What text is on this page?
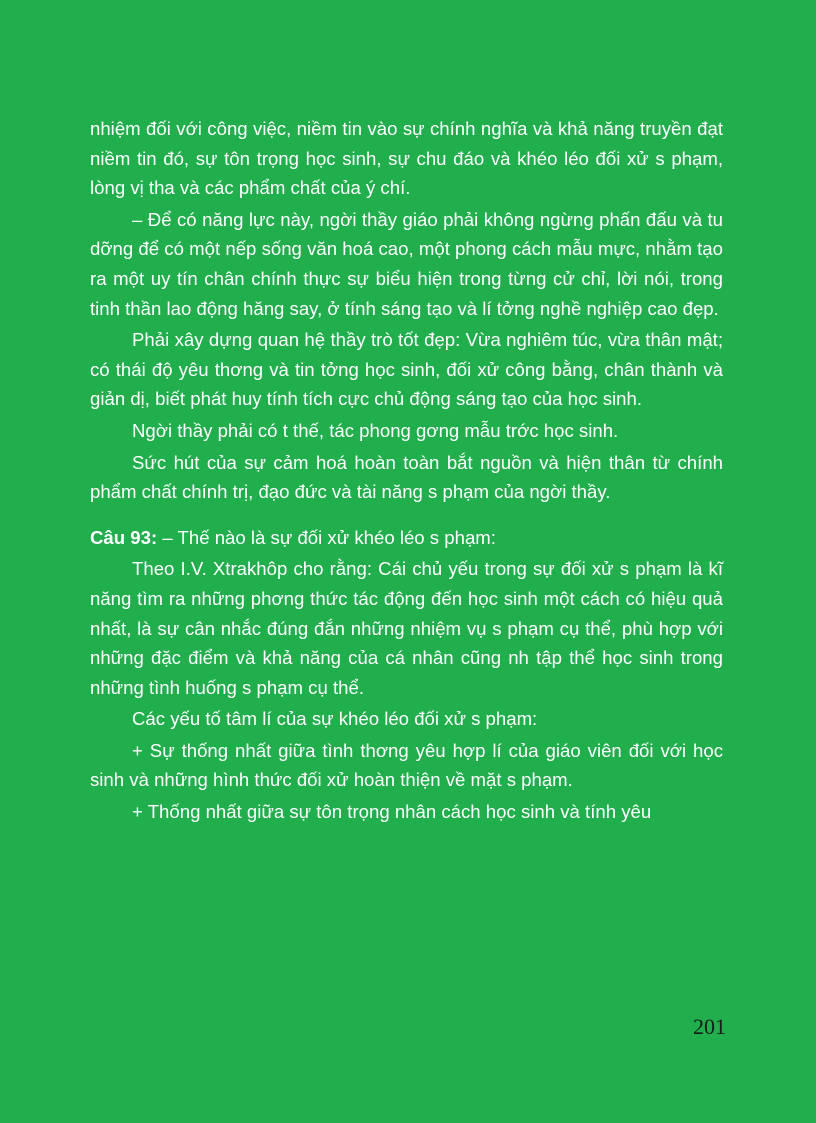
nhiệm đối với công việc, niềm tin vào sự chính nghĩa và khả năng truyền đạt niềm tin đó, sự tôn trọng học sinh, sự chu đáo và khéo léo đối xử s phạm, lòng vị tha và các phẩm chất của ý chí.

– Để có năng lực này, ngời thầy giáo phải không ngừng phấn đấu và tu dỡng để có một nếp sống văn hoá cao, một phong cách mẫu mực, nhằm tạo ra một uy tín chân chính thực sự biểu hiện trong từng cử chỉ, lời nói, trong tinh thần lao động hăng say, ở tính sáng tạo và lí tởng nghề nghiệp cao đẹp.

Phải xây dựng quan hệ thầy trò tốt đẹp: Vừa nghiêm túc, vừa thân mật; có thái độ yêu thơng và tin tởng học sinh, đối xử công bằng, chân thành và giản dị, biết phát huy tính tích cực chủ động sáng tạo của học sinh.

Ngời thầy phải có t thế, tác phong gơng mẫu trớc học sinh.

Sức hút của sự cảm hoá hoàn toàn bắt nguồn và hiện thân từ chính phẩm chất chính trị, đạo đức và tài năng s phạm của ngời thầy.

Câu 93: – Thế nào là sự đối xử khéo léo s phạm:

Theo I.V. Xtrakhôp cho rằng: Cái chủ yếu trong sự đối xử s phạm là kĩ năng tìm ra những phơng thức tác động đến học sinh một cách có hiệu quả nhất, là sự cân nhắc đúng đắn những nhiệm vụ s phạm cụ thể, phù hợp với những đặc điểm và khả năng của cá nhân cũng nh tập thể học sinh trong những tình huống s phạm cụ thể.

Các yếu tố tâm lí của sự khéo léo đối xử s phạm:

+ Sự thống nhất giữa tình thơng yêu hợp lí của giáo viên đối với học sinh và những hình thức đối xử hoàn thiện về mặt s phạm.

+ Thống nhất giữa sự tôn trọng nhân cách học sinh và tính yêu

201
